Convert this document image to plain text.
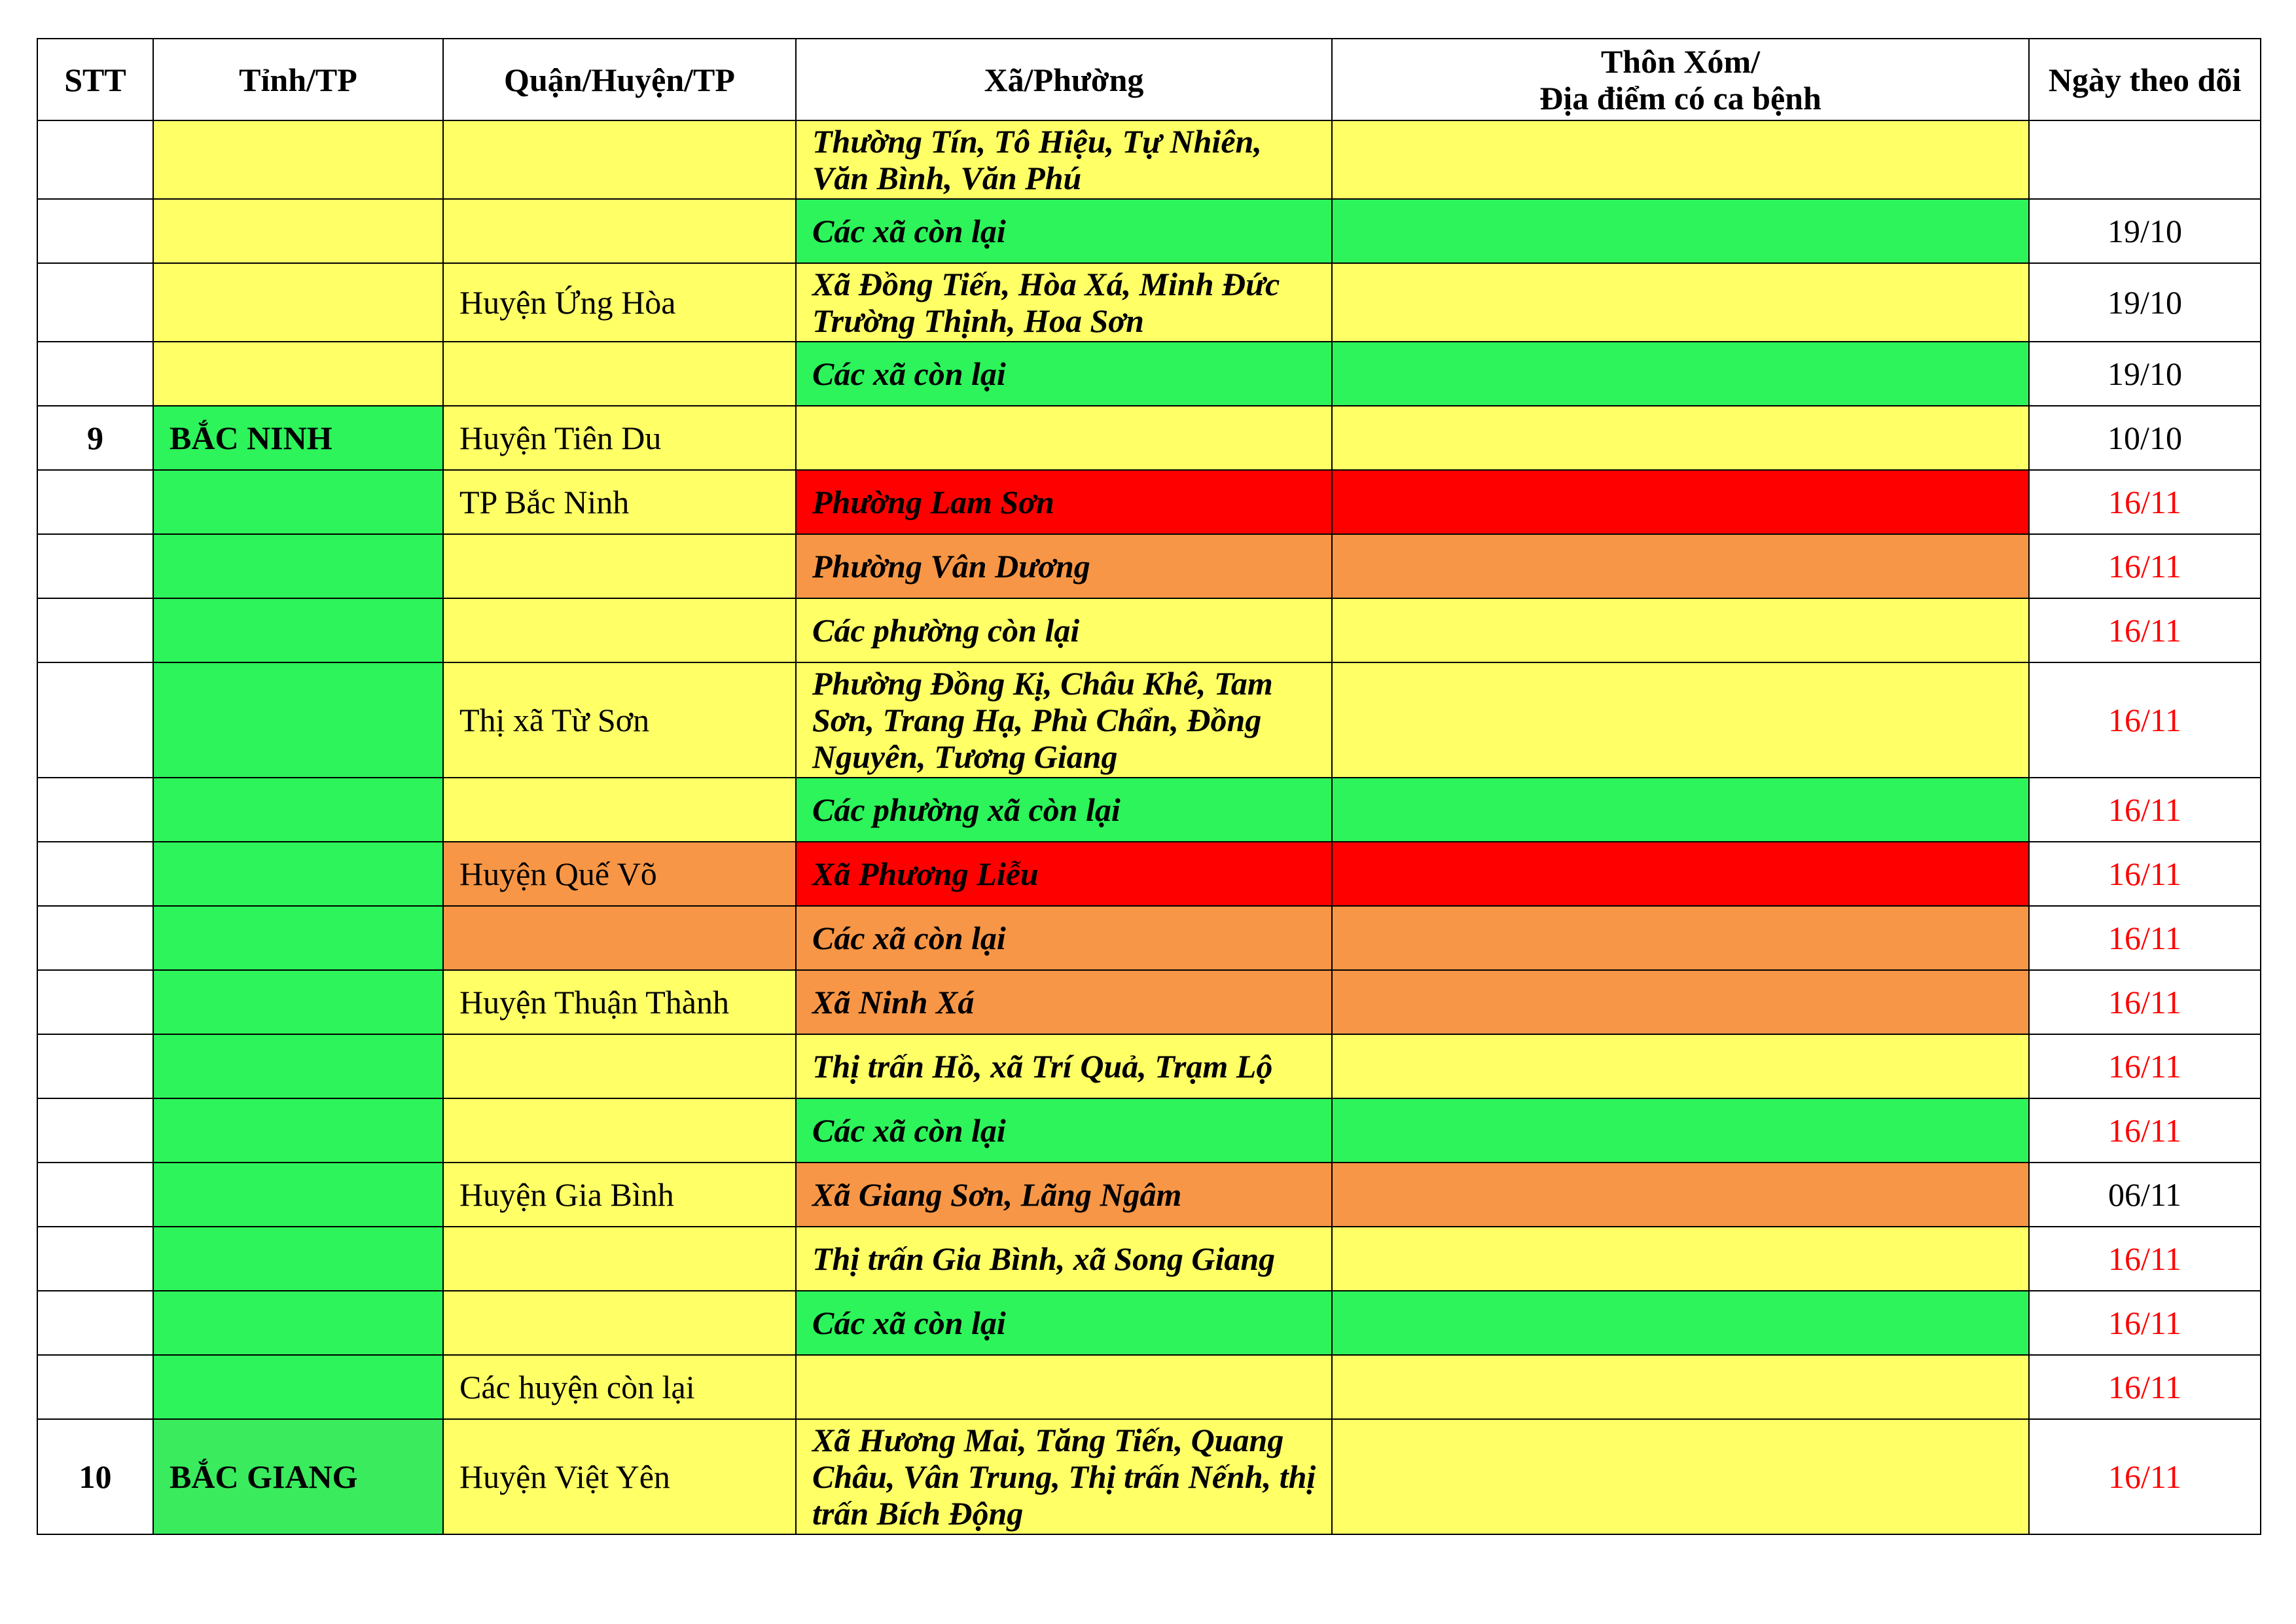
STT	Tỉnh/TP	Quận/Huyện/TP	Xã/Phường	Thôn Xóm/
Địa điểm có ca bệnh	Ngày theo dõi

			Thường Tín, Tô Hiệu, Tự Nhiên,
Văn Bình, Văn Phú		

			Các xã còn lại		19/10
		Huyện Ứng Hòa	Xã Đồng Tiến, Hòa Xá, Minh Đức
Trường Thịnh, Hoa Sơn		19/10

			Các xã còn lại		19/10
9	BẮC NINH	Huyện Tiên Du			10/10
		TP Bắc Ninh	Phường Lam Sơn		16/11

			Phường Vân Dương		16/11

			Các phường còn lại		16/11
		Thị xã Từ Sơn	Phường Đồng Kị, Châu Khê, Tam
Sơn, Trang Hạ, Phù Chẩn, Đồng
Nguyên, Tương Giang		16/11

			Các phường xã còn lại		16/11
		Huyện Quế Võ	Xã Phương Liễu		16/11

			Các xã còn lại		16/11
		Huyện Thuận Thành	Xã Ninh Xá		16/11

			Thị trấn Hồ, xã Trí Quả, Trạm Lộ		16/11

			Các xã còn lại		16/11
		Huyện Gia Bình	Xã Giang Sơn, Lãng Ngâm		06/11

			Thị trấn Gia Bình, xã Song Giang		16/11

			Các xã còn lại		16/11
		Các huyện còn lại			16/11
10	BẮC GIANG	Huyện Việt Yên	Xã Hương Mai, Tăng Tiến, Quang
Châu, Vân Trung, Thị trấn Nếnh, thị
trấn Bích Động		16/11
